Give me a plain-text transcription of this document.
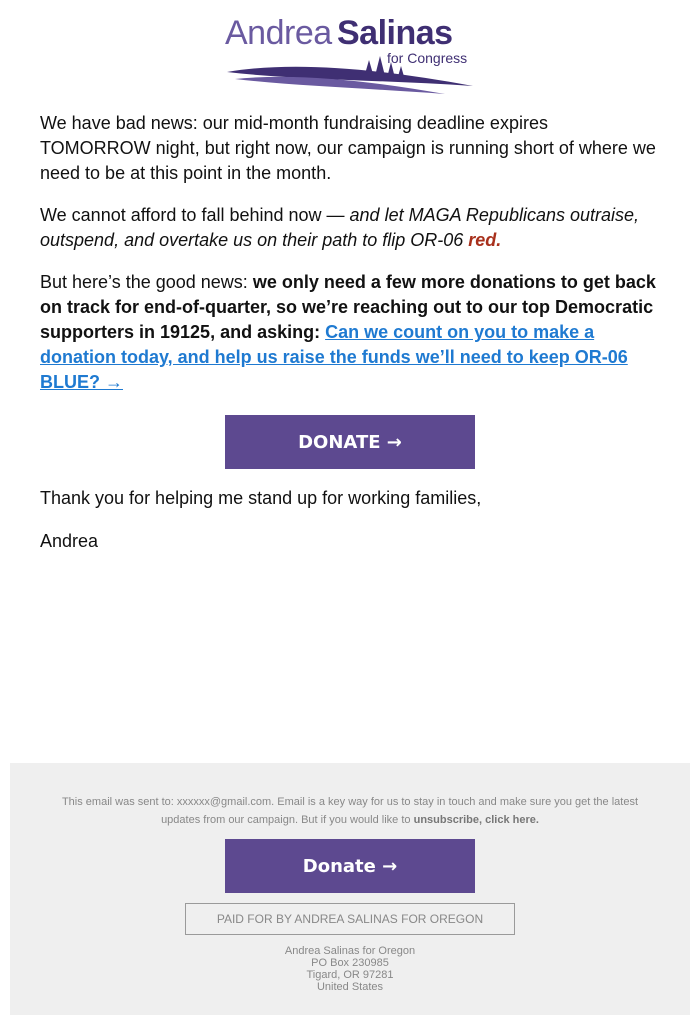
Andrea Salinas
for Congress

We have bad news: our mid-month fundraising deadline expires TOMORROW night, but right now, our campaign is running short of where we need to be at this point in the month.

We cannot afford to fall behind now — and let MAGA Republicans outraise, outspend, and overtake us on their path to flip OR-06 red.

But here’s the good news: we only need a few more donations to get back on track for end-of-quarter, so we’re reaching out to our top Democratic supporters in 19125, and asking: Can we count on you to make a donation today, and help us raise the funds we’ll need to keep OR-06 BLUE? →

DONATE →

Thank you for helping me stand up for working families,

Andrea

This email was sent to: xxxxxx@gmail.com. Email is a key way for us to stay in touch and make sure you get the latest updates from our campaign. But if you would like to unsubscribe, click here.
Donate →
PAID FOR BY ANDREA SALINAS FOR OREGON
Andrea Salinas for Oregon
PO Box 230985
Tigard, OR 97281
United States
